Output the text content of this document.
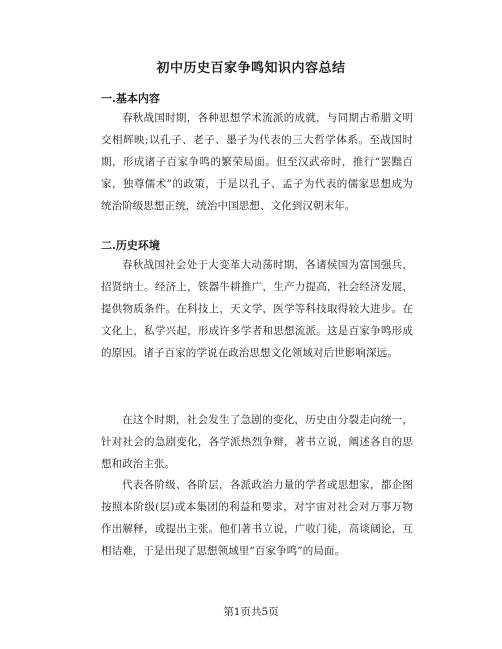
初中历史百家争鸣知识内容总结
一.基本内容
春秋战国时期，各种思想学术流派的成就，与同期古希腊文明交相辉映;以孔子、老子、墨子为代表的三大哲学体系。至战国时期，形成诸子百家争鸣的繁荣局面。但至汉武帝时，推行“罢黜百家，独尊儒术”的政策，于是以孔子、孟子为代表的儒家思想成为统治阶级思想正统，统治中国思想、文化到汉朝末年。
二.历史环境
春秋战国社会处于大变革大动荡时期，各诸侯国为富国强兵，招贤纳士。经济上，铁器牛耕推广，生产力提高，社会经济发展，提供物质条件。在科技上，天文学，医学等科技取得较大进步。在文化上，私学兴起，形成许多学者和思想流派。这是百家争鸣形成的原因。诸子百家的学说在政治思想文化领域对后世影响深远。
在这个时期，社会发生了急剧的变化，历史由分裂走向统一，针对社会的急剧变化，各学派热烈争辩，著书立说，阐述各自的思想和政治主张。
代表各阶级、各阶层，各派政治力量的学者或思想家，都企图按照本阶级(层)或本集团的利益和要求，对宇宙对社会对万事万物作出解释，或提出主张。他们著书立说，广收门徒，高谈阔论，互相诘难，于是出现了思想领域里“百家争鸣”的局面。
第1页共5页
